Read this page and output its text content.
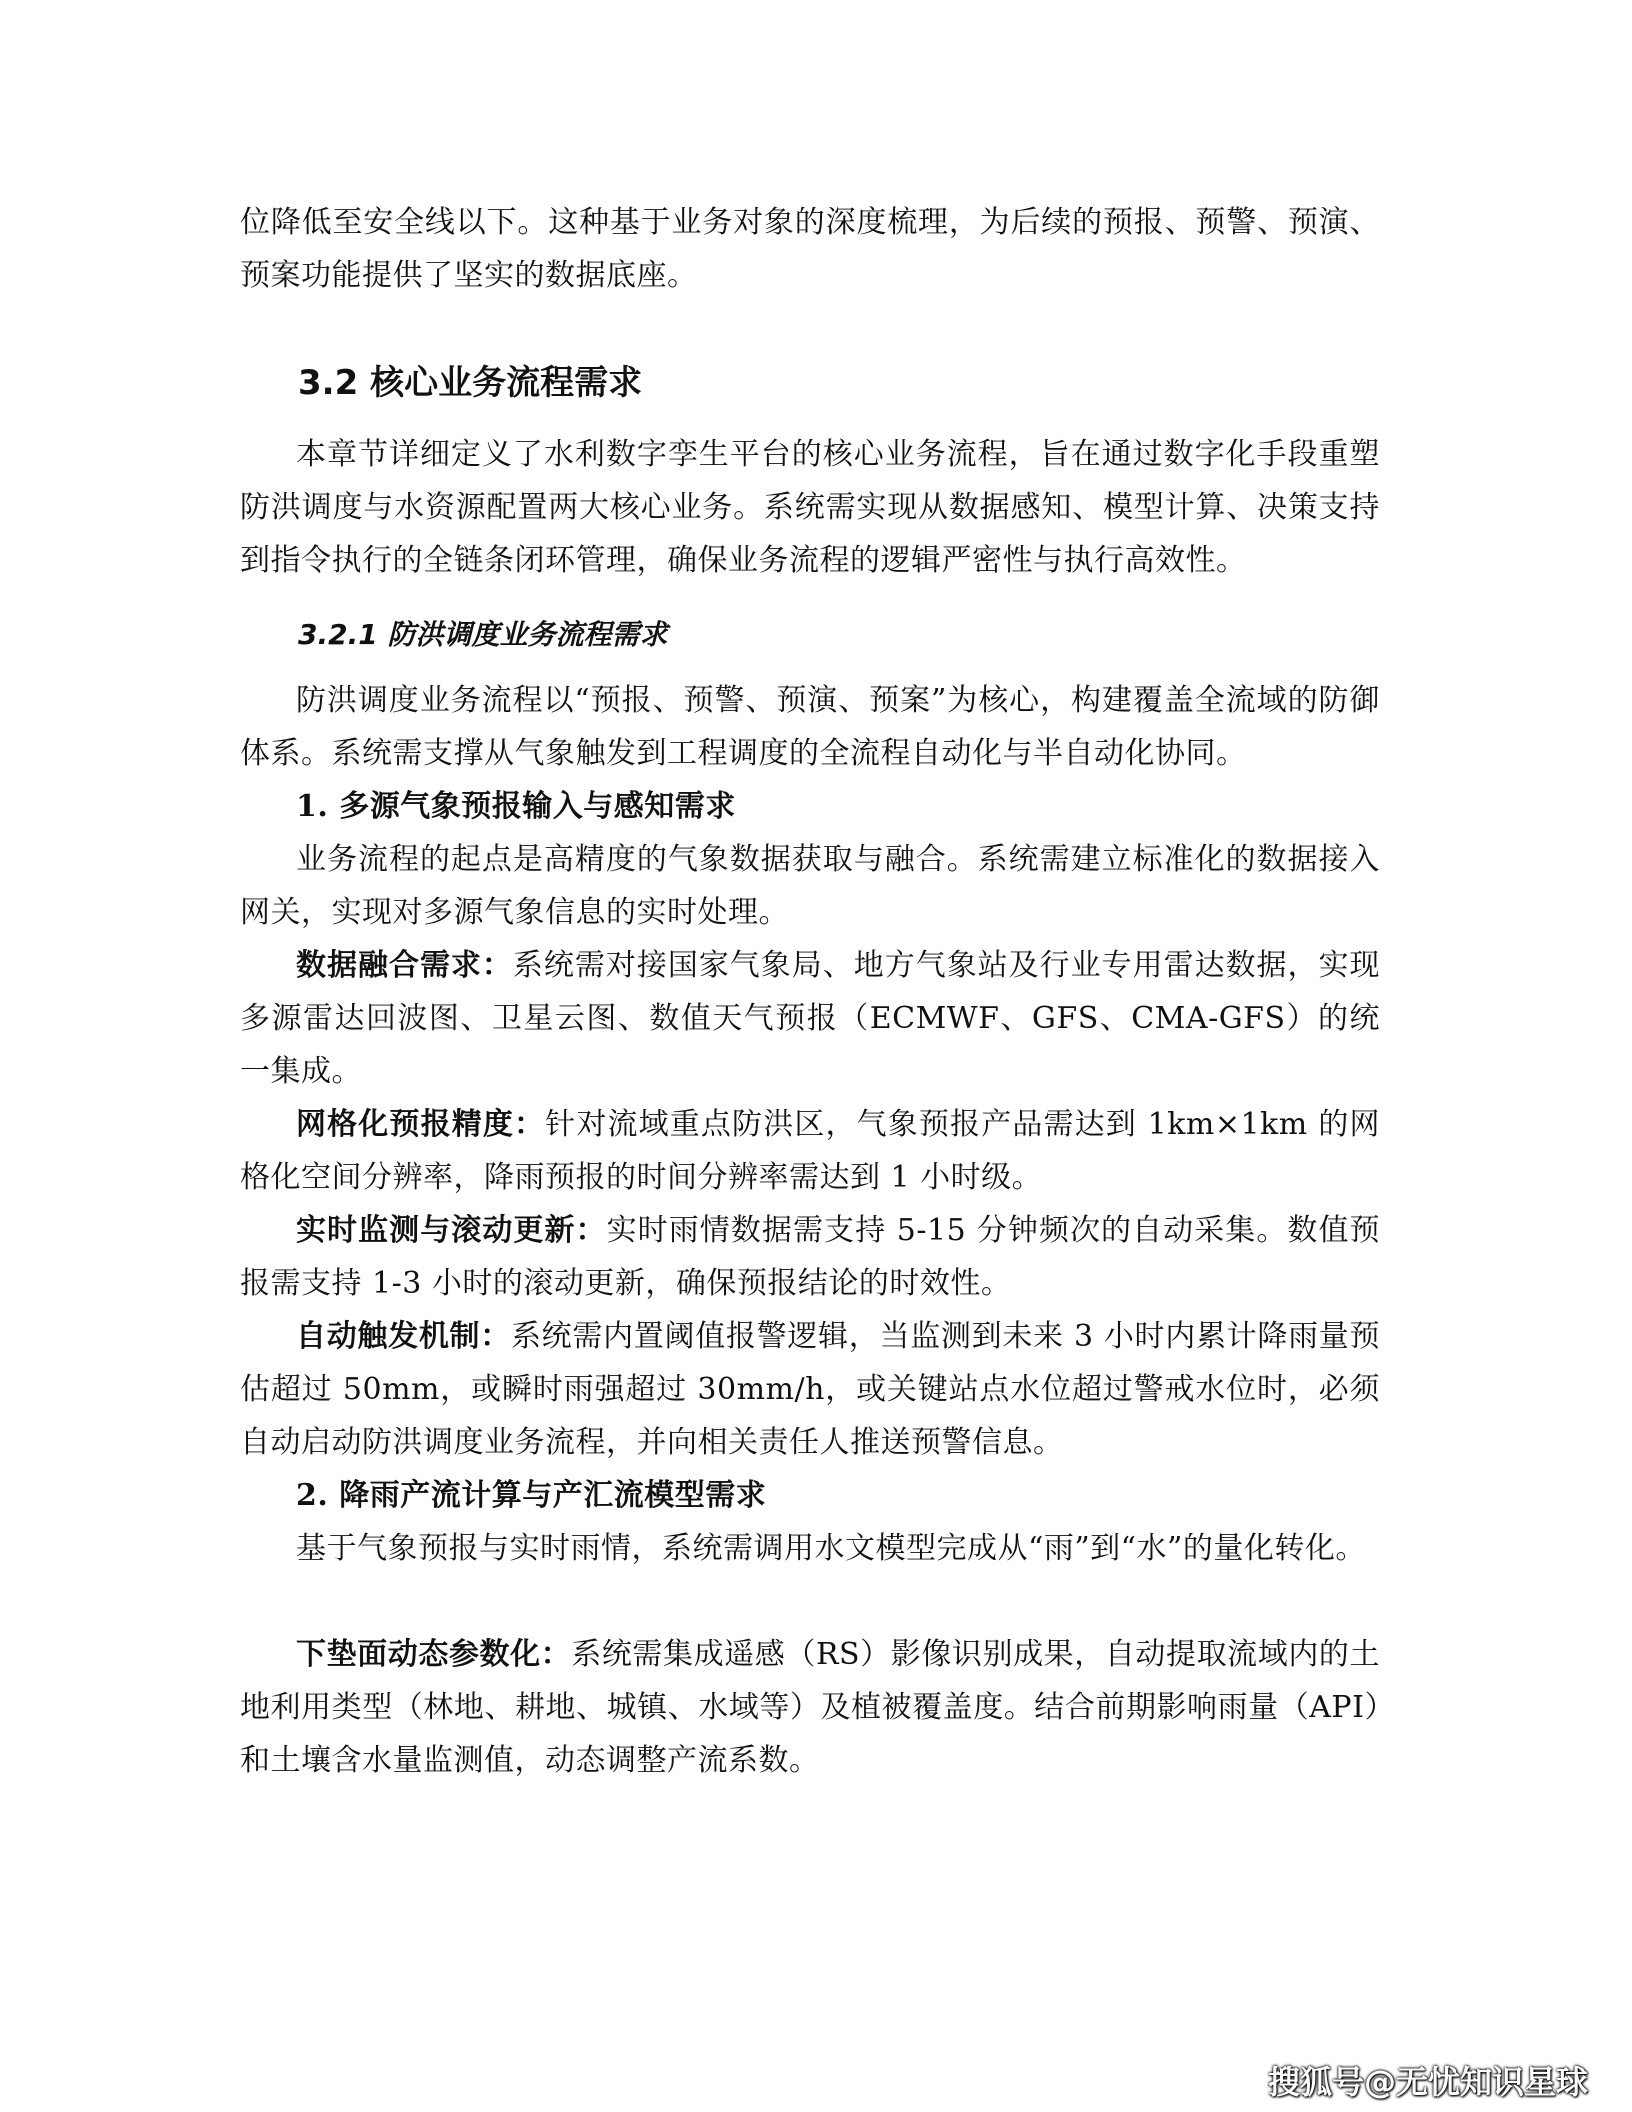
位降低至安全线以下。这种基于业务对象的深度梳理，为后续的预报、预警、预演、预案功能提供了坚实的数据底座。

3.2 核心业务流程需求

本章节详细定义了水利数字孪生平台的核心业务流程，旨在通过数字化手段重塑防洪调度与水资源配置两大核心业务。系统需实现从数据感知、模型计算、决策支持到指令执行的全链条闭环管理，确保业务流程的逻辑严密性与执行高效性。

3.2.1 防洪调度业务流程需求

防洪调度业务流程以“预报、预警、预演、预案”为核心，构建覆盖全流域的防御体系。系统需支撑从气象触发到工程调度的全流程自动化与半自动化协同。

1. 多源气象预报输入与感知需求

业务流程的起点是高精度的气象数据获取与融合。系统需建立标准化的数据接入网关，实现对多源气象信息的实时处理。

数据融合需求：系统需对接国家气象局、地方气象站及行业专用雷达数据，实现多源雷达回波图、卫星云图、数值天气预报（ECMWF、GFS、CMA-GFS）的统一集成。

网格化预报精度：针对流域重点防洪区，气象预报产品需达到 1km×1km 的网格化空间分辨率，降雨预报的时间分辨率需达到 1 小时级。

实时监测与滚动更新：实时雨情数据需支持 5-15 分钟频次的自动采集。数值预报需支持 1-3 小时的滚动更新，确保预报结论的时效性。

自动触发机制：系统需内置阈值报警逻辑，当监测到未来 3 小时内累计降雨量预估超过 50mm，或瞬时雨强超过 30mm/h，或关键站点水位超过警戒水位时，必须自动启动防洪调度业务流程，并向相关责任人推送预警信息。

2. 降雨产流计算与产汇流模型需求

基于气象预报与实时雨情，系统需调用水文模型完成从“雨”到“水”的量化转化。

下垫面动态参数化：系统需集成遥感（RS）影像识别成果，自动提取流域内的土地利用类型（林地、耕地、城镇、水域等）及植被覆盖度。结合前期影响雨量（API）和土壤含水量监测值，动态调整产流系数。

搜狐号@无忧知识星球
